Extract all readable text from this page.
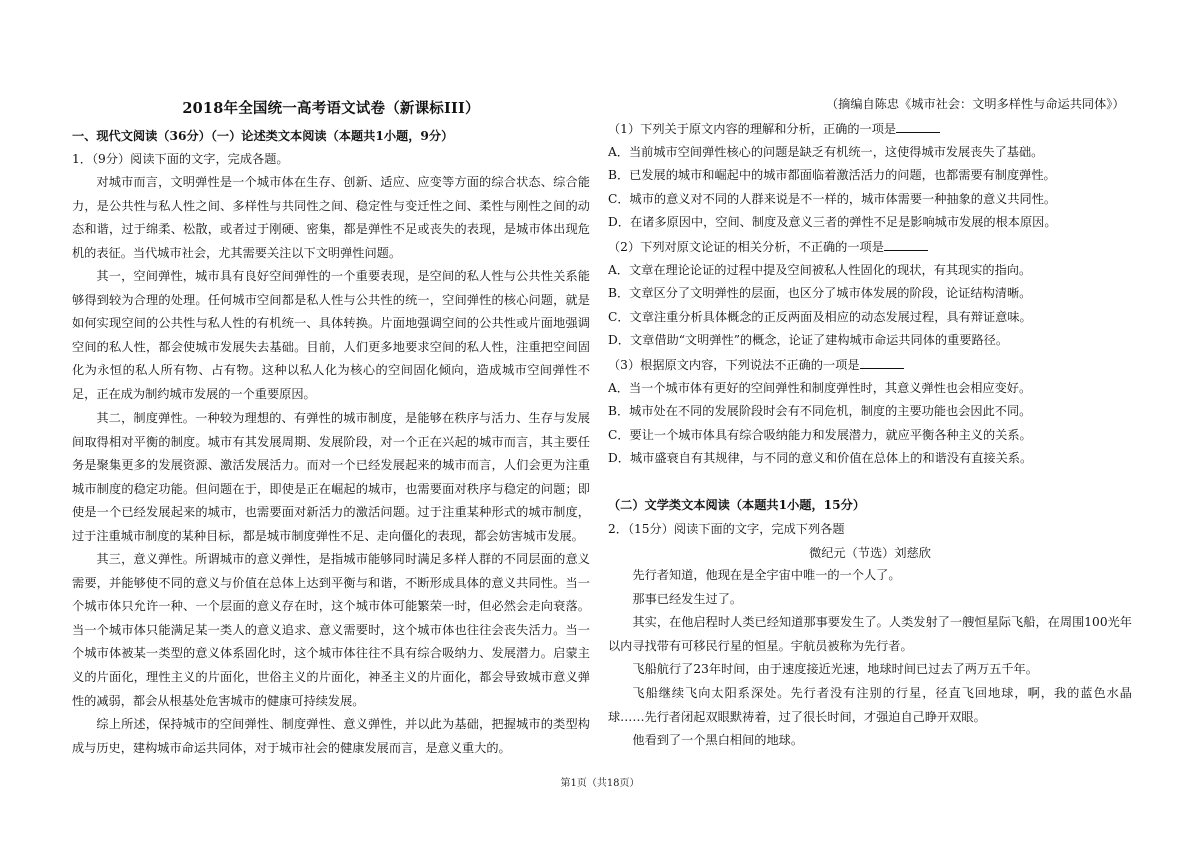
2018年全国统一高考语文试卷（新课标III）
一、现代文阅读（36分）（一）论述类文本阅读（本题共1小题，9分）
1．（9分）阅读下面的文字，完成各题。
对城市而言，文明弹性是一个城市体在生存、创新、适应、应变等方面的综合状态、综合能力，是公共性与私人性之间、多样性与共同性之间、稳定性与变迁性之间、柔性与刚性之间的动态和谐，过于绵柔、松散，或者过于刚硬、密集，都是弹性不足或丧失的表现，是城市体出现危机的表征。当代城市社会，尤其需要关注以下文明弹性问题。
其一，空间弹性，城市具有良好空间弹性的一个重要表现，是空间的私人性与公共性关系能够得到较为合理的处理。任何城市空间都是私人性与公共性的统一，空间弹性的核心问题，就是如何实现空间的公共性与私人性的有机统一、具体转换。片面地强调空间的公共性或片面地强调空间的私人性，都会使城市发展失去基础。目前，人们更多地要求空间的私人性，注重把空间固化为永恒的私人所有物、占有物。这种以私人化为核心的空间固化倾向，造成城市空间弹性不足，正在成为制约城市发展的一个重要原因。
其二，制度弹性。一种较为理想的、有弹性的城市制度，是能够在秩序与活力、生存与发展间取得相对平衡的制度。城市有其发展周期、发展阶段，对一个正在兴起的城市而言，其主要任务是聚集更多的发展资源、激活发展活力。而对一个已经发展起来的城市而言，人们会更为注重城市制度的稳定功能。但问题在于，即使是正在崛起的城市，也需要面对秩序与稳定的问题；即使是一个已经发展起来的城市，也需要面对新活力的激活问题。过于注重某种形式的城市制度，过于注重城市制度的某种目标，都是城市制度弹性不足、走向僵化的表现，都会妨害城市发展。
其三，意义弹性。所谓城市的意义弹性，是指城市能够同时满足多样人群的不同层面的意义需要，并能够使不同的意义与价值在总体上达到平衡与和谐，不断形成具体的意义共同性。当一个城市体只允许一种、一个层面的意义存在时，这个城市体可能繁荣一时，但必然会走向衰落。当一个城市体只能满足某一类人的意义追求、意义需要时，这个城市体也往往会丧失活力。当一个城市体被某一类型的意义体系固化时，这个城市体往往不具有综合吸纳力、发展潜力。启蒙主义的片面化，理性主义的片面化，世俗主义的片面化，神圣主义的片面化，都会导致城市意义弹性的减弱，都会从根基处危害城市的健康可持续发展。
综上所述，保持城市的空间弹性、制度弹性、意义弹性，并以此为基础，把握城市的类型构成与历史，建构城市命运共同体，对于城市社会的健康发展而言，是意义重大的。
（摘编自陈忠《城市社会：文明多样性与命运共同体》）
（1）下列关于原文内容的理解和分析，正确的一项是
A．当前城市空间弹性核心的问题是缺乏有机统一，这使得城市发展丧失了基础。
B．已发展的城市和崛起中的城市都面临着激活活力的问题，也都需要有制度弹性。
C．城市的意义对不同的人群来说是不一样的，城市体需要一种抽象的意义共同性。
D．在诸多原因中，空间、制度及意义三者的弹性不足是影响城市发展的根本原因。
（2）下列对原文论证的相关分析，不正确的一项是
A．文章在理论论证的过程中提及空间被私人性固化的现状，有其现实的指向。
B．文章区分了文明弹性的层面，也区分了城市体发展的阶段，论证结构清晰。
C．文章注重分析具体概念的正反两面及相应的动态发展过程，具有辩证意味。
D．文章借助“文明弹性”的概念，论证了建构城市命运共同体的重要路径。
（3）根据原文内容，下列说法不正确的一项是
A．当一个城市体有更好的空间弹性和制度弹性时，其意义弹性也会相应变好。
B．城市处在不同的发展阶段时会有不同危机，制度的主要功能也会因此不同。
C．要让一个城市体具有综合吸纳能力和发展潜力，就应平衡各种主义的关系。
D．城市盛衰自有其规律，与不同的意义和价值在总体上的和谐没有直接关系。
（二）文学类文本阅读（本题共1小题，15分）
2．（15分）阅读下面的文字，完成下列各题
微纪元（节选）刘慈欣
先行者知道，他现在是全宇宙中唯一的一个人了。
那事已经发生过了。
其实，在他启程时人类已经知道那事要发生了。人类发射了一艘恒星际飞船，在周围100光年以内寻找带有可移民行星的恒星。宇航员被称为先行者。
飞船航行了23年时间，由于速度接近光速，地球时间已过去了两万五千年。
飞船继续飞向太阳系深处。先行者没有注别的行星，径直飞回地球，啊，我的蓝色水晶球……先行者闭起双眼默祷着，过了很长时间，才强迫自己睁开双眼。
他看到了一个黑白相间的地球。
第1页（共18页）
